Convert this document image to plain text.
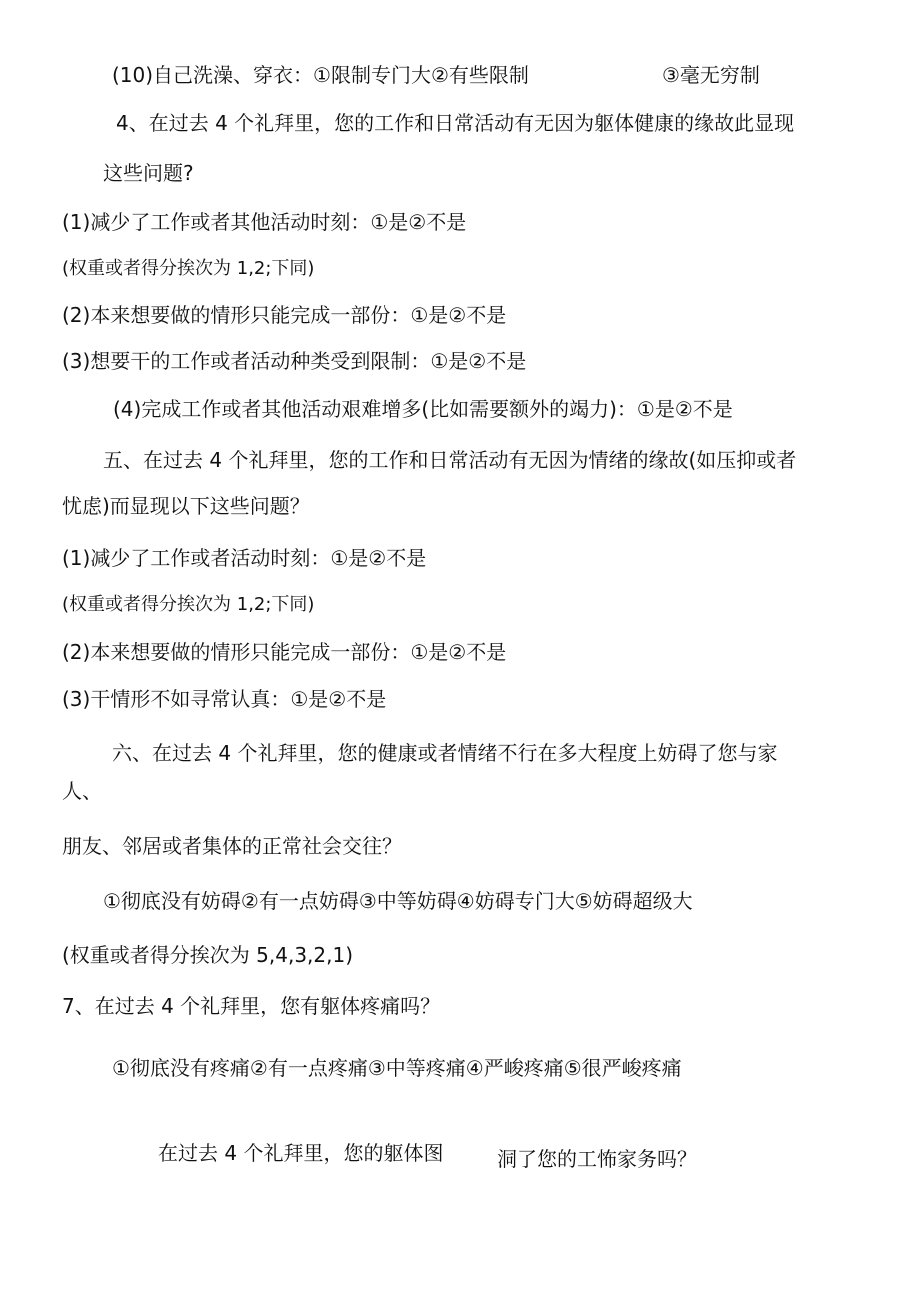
(10)自己洗澡、穿衣：①限制专门大②有些限制	③毫无穷制
4、在过去 4 个礼拜里，您的工作和日常活动有无因为躯体健康的缘故此显现
这些问题?
(1)减少了工作或者其他活动时刻：①是②不是
(权重或者得分挨次为 1,2;下同)
(2)本来想要做的情形只能完成一部份：①是②不是
(3)想要干的工作或者活动种类受到限制：①是②不是
(4)完成工作或者其他活动艰难增多(比如需要额外的竭力)：①是②不是
五、在过去 4 个礼拜里，您的工作和日常活动有无因为情绪的缘故(如压抑或者
忧虑)而显现以下这些问题？
(1)减少了工作或者活动时刻：①是②不是
(权重或者得分挨次为 1,2;下同)
(2)本来想要做的情形只能完成一部份：①是②不是
(3)干情形不如寻常认真：①是②不是
六、在过去 4 个礼拜里，您的健康或者情绪不行在多大程度上妨碍了您与家
人、
朋友、邻居或者集体的正常社会交往？
①彻底没有妨碍②有一点妨碍③中等妨碍④妨碍专门大⑤妨碍超级大
(权重或者得分挨次为 5,4,3,2,1)
7、在过去 4 个礼拜里，您有躯体疼痛吗？
①彻底没有疼痛②有一点疼痛③中等疼痛④严峻疼痛⑤很严峻疼痛
在过去 4 个礼拜里，您的躯体图	洞了您的工怖家务吗？
